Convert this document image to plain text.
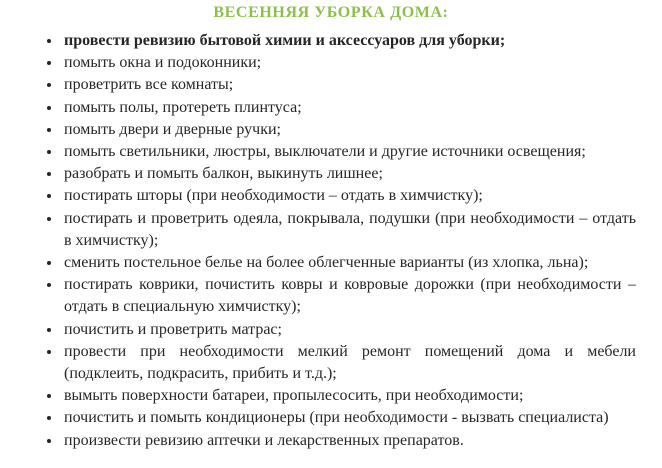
ВЕСЕННЯЯ УБОРКА ДОМА:
• провести ревизию бытовой химии и аксессуаров для уборки;
• помыть окна и подоконники;
• проветрить все комнаты;
• помыть полы, протереть плинтуса;
• помыть двери и дверные ручки;
• помыть светильники, люстры, выключатели и другие источники освещения;
• разобрать и помыть балкон, выкинуть лишнее;
• постирать шторы (при необходимости – отдать в химчистку);
• постирать и проветрить одеяла, покрывала, подушки (при необходимости – отдать в химчистку);
• сменить постельное белье на более облегченные варианты (из хлопка, льна);
• постирать коврики, почистить ковры и ковровые дорожки (при необходимости – отдать в специальную химчистку);
• почистить и проветрить матрас;
• провести при необходимости мелкий ремонт помещений дома и мебели (подклеить, подкрасить, прибить и т.д.);
• вымыть поверхности батареи, пропылесосить, при необходимости;
• почистить и помыть кондиционеры (при необходимости - вызвать специалиста)
• произвести ревизию аптечки и лекарственных препаратов.
